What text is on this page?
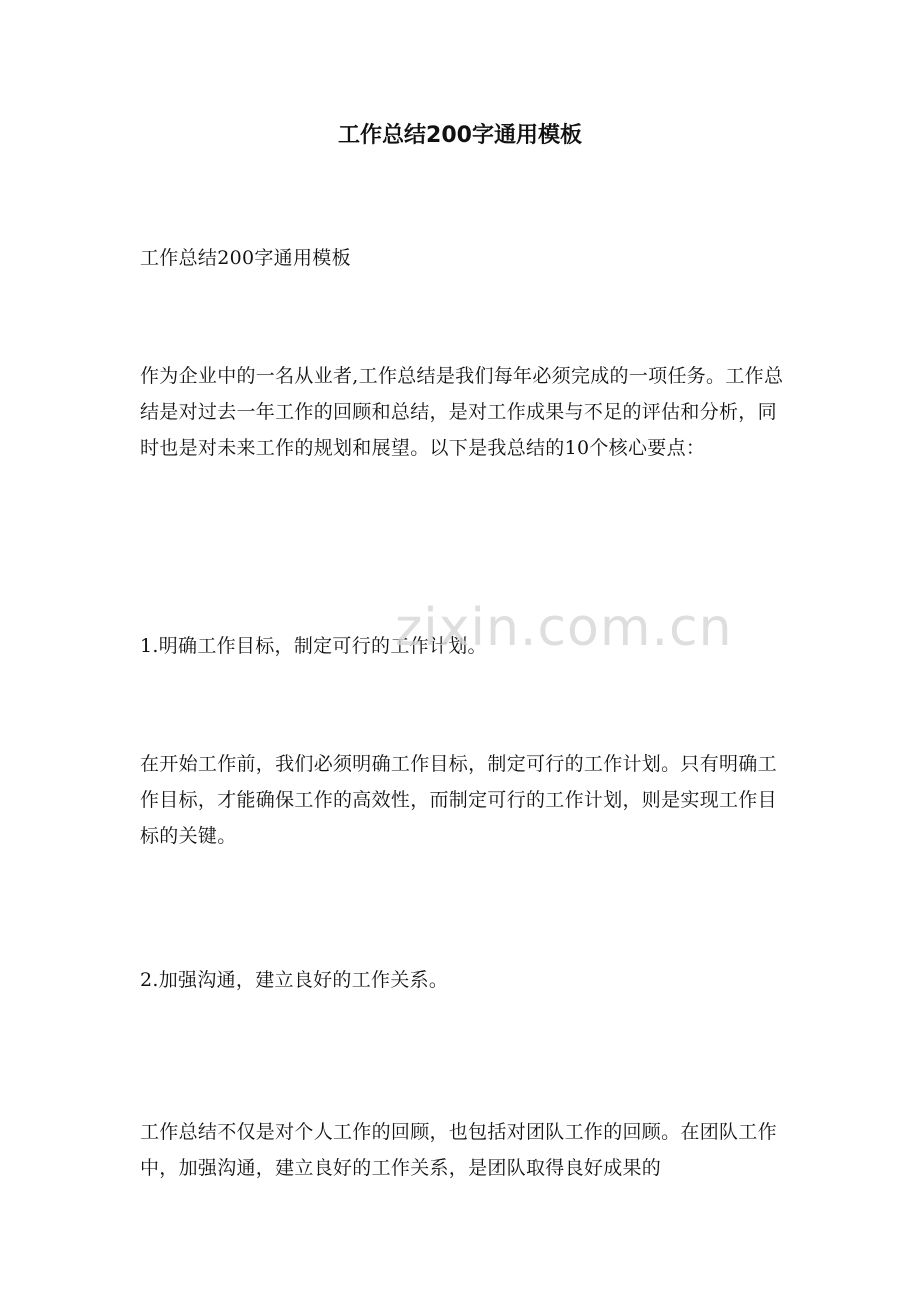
工作总结200字通用模板

工作总结200字通用模板

作为企业中的一名从业者,工作总结是我们每年必须完成的一项任务。工作总结是对过去一年工作的回顾和总结，是对工作成果与不足的评估和分析，同时也是对未来工作的规划和展望。以下是我总结的10个核心要点：

1.明确工作目标，制定可行的工作计划。

在开始工作前，我们必须明确工作目标，制定可行的工作计划。只有明确工作目标，才能确保工作的高效性，而制定可行的工作计划，则是实现工作目标的关键。

2.加强沟通，建立良好的工作关系。

工作总结不仅是对个人工作的回顾，也包括对团队工作的回顾。在团队工作中，加强沟通，建立良好的工作关系，是团队取得良好成果的

zixin.com.cn
